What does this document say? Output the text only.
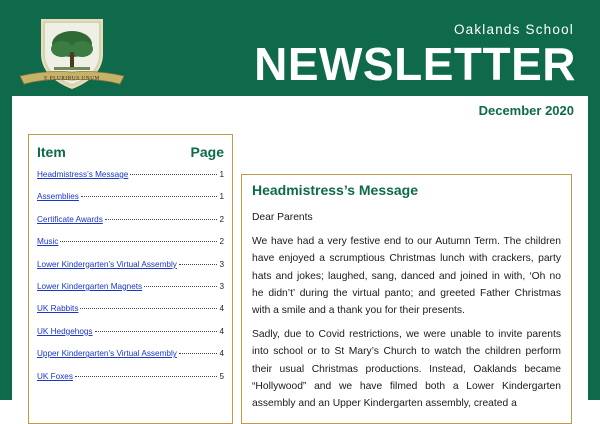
E PLURIBUS UNUM
Oaklands School
NEWSLETTER
December 2020
Item	Page
Headmistress’s Message	1
Assemblies	1
Certificate Awards	2
Music	2
Lower Kindergarten’s Virtual Assembly	3
Lower Kindergarten Magnets	3
UK Rabbits	4
UK Hedgehogs	4
Upper Kindergarten’s Virtual Assembly	4
UK Foxes	5
Headmistress’s Message

Dear Parents

We have had a very festive end to our Autumn Term. The children have enjoyed a scrumptious Christmas lunch with crackers, party hats and jokes; laughed, sang, danced and joined in with, ‘Oh no he didn’t’ during the virtual panto; and greeted Father Christmas with a smile and a thank you for their presents.

Sadly, due to Covid restrictions, we were unable to invite parents into school or to St Mary’s Church to watch the children perform their usual Christmas productions. Instead, Oaklands became “Hollywood” and we have filmed both a Lower Kindergarten assembly and an Upper Kindergarten assembly, created a
